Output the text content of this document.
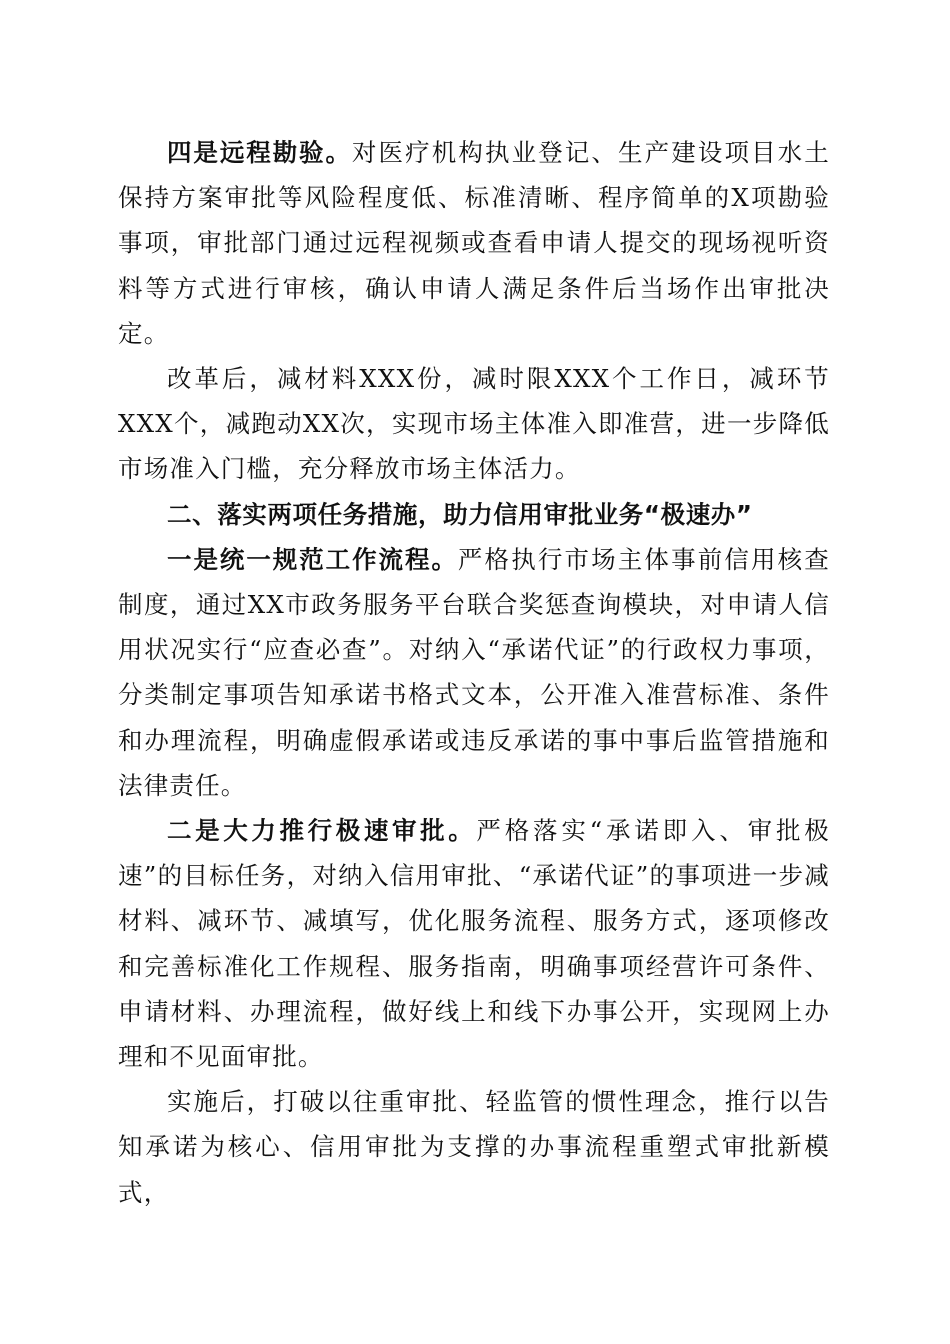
四是远程勘验。对医疗机构执业登记、生产建设项目水土保持方案审批等风险程度低、标准清晰、程序简单的X项勘验事项，审批部门通过远程视频或查看申请人提交的现场视听资料等方式进行审核，确认申请人满足条件后当场作出审批决定。

改革后，减材料XXX份，减时限XXX个工作日，减环节XXX个，减跑动XX次，实现市场主体准入即准营，进一步降低市场准入门槛，充分释放市场主体活力。

二、落实两项任务措施，助力信用审批业务“极速办”

一是统一规范工作流程。严格执行市场主体事前信用核查制度，通过XX市政务服务平台联合奖惩查询模块，对申请人信用状况实行“应查必查”。对纳入“承诺代证”的行政权力事项，分类制定事项告知承诺书格式文本，公开准入准营标准、条件和办理流程，明确虚假承诺或违反承诺的事中事后监管措施和法律责任。

二是大力推行极速审批。严格落实“承诺即入、审批极速”的目标任务，对纳入信用审批、“承诺代证”的事项进一步减材料、减环节、减填写，优化服务流程、服务方式，逐项修改和完善标准化工作规程、服务指南，明确事项经营许可条件、申请材料、办理流程，做好线上和线下办事公开，实现网上办理和不见面审批。

实施后，打破以往重审批、轻监管的惯性理念，推行以告知承诺为核心、信用审批为支撑的办事流程重塑式审批新模式，
